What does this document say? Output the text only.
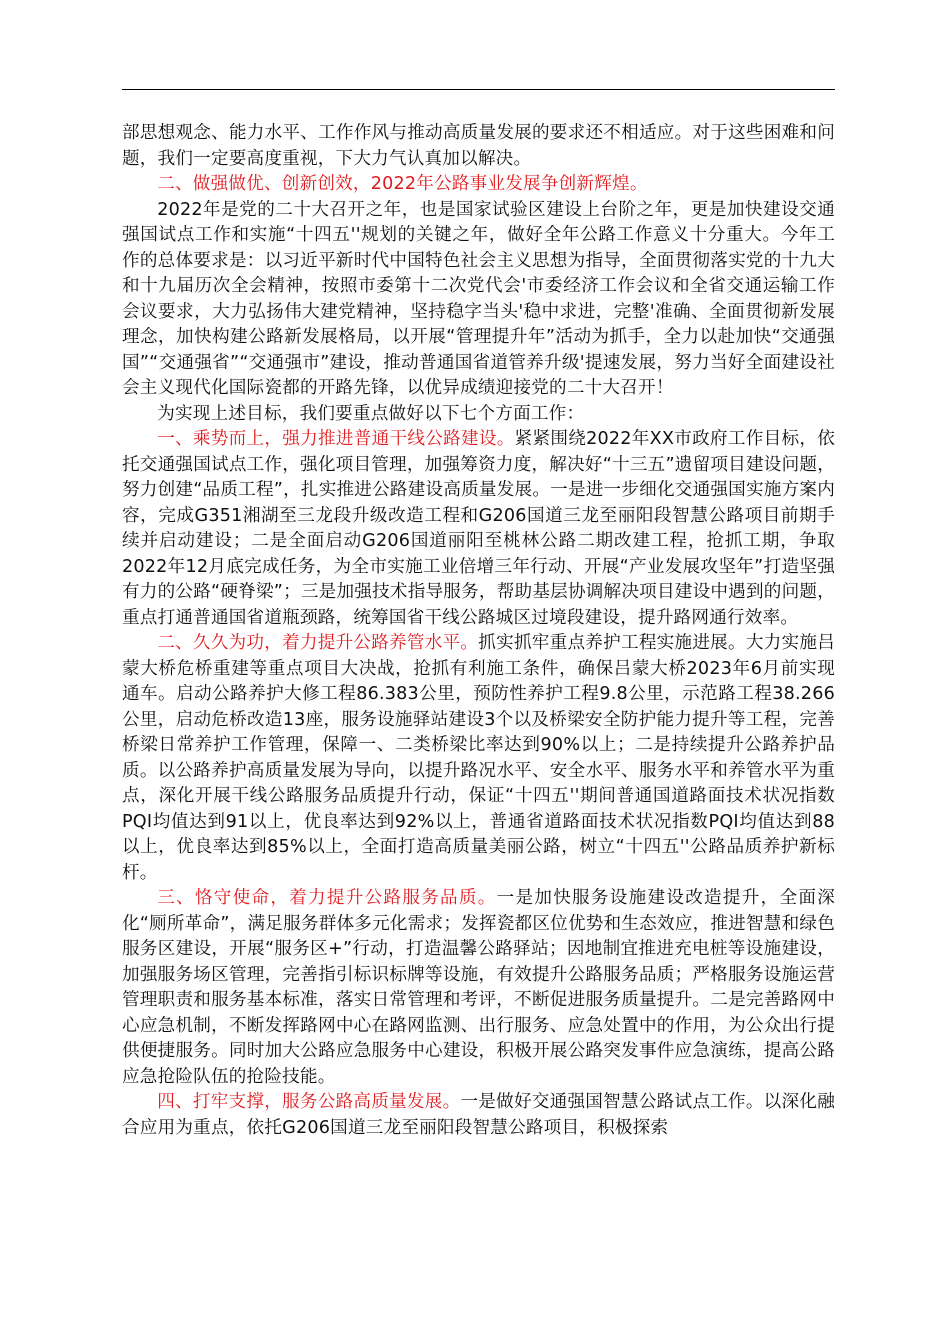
部思想观念、能力水平、工作作风与推动高质量发展的要求还不相适应。对于这些困难和问题，我们一定要高度重视，下大力气认真加以解决。

二、做强做优、创新创效，2022年公路事业发展争创新辉煌。

2022年是党的二十大召开之年，也是国家试验区建设上台阶之年，更是加快建设交通强国试点工作和实施“十四五''规划的关键之年，做好全年公路工作意义十分重大。今年工作的总体要求是：以习近平新时代中国特色社会主义思想为指导，全面贯彻落实党的十九大和十九届历次全会精神，按照市委第十二次党代会'市委经济工作会议和全省交通运输工作会议要求，大力弘扬伟大建党精神，坚持稳字当头'稳中求进，完整'准确、全面贯彻新发展理念，加快构建公路新发展格局，以开展“管理提升年”活动为抓手，全力以赴加快“交通强国”“交通强省”“交通强市”建设，推动普通国省道管养升级'提速发展，努力当好全面建设社会主义现代化国际瓷都的开路先锋，以优异成绩迎接党的二十大召开！

为实现上述目标，我们要重点做好以下七个方面工作：

一、乘势而上，强力推进普通干线公路建设。紧紧围绕2022年XX市政府工作目标，依托交通强国试点工作，强化项目管理，加强筹资力度，解决好“十三五”遗留项目建设问题，努力创建“品质工程”，扎实推进公路建设高质量发展。一是进一步细化交通强国实施方案内容，完成G351湘湖至三龙段升级改造工程和G206国道三龙至丽阳段智慧公路项目前期手续并启动建设；二是全面启动G206国道丽阳至桃林公路二期改建工程，抢抓工期，争取2022年12月底完成任务，为全市实施工业倍增三年行动、开展“产业发展攻坚年”打造坚强有力的公路“硬脊梁”；三是加强技术指导服务，帮助基层协调解决项目建设中遇到的问题，重点打通普通国省道瓶颈路，统筹国省干线公路城区过境段建设，提升路网通行效率。

二、久久为功，着力提升公路养管水平。抓实抓牢重点养护工程实施进展。大力实施吕蒙大桥危桥重建等重点项目大决战，抢抓有利施工条件，确保吕蒙大桥2023年6月前实现通车。启动公路养护大修工程86.383公里，预防性养护工程9.8公里，示范路工程38.266公里，启动危桥改造13座，服务设施驿站建设3个以及桥梁安全防护能力提升等工程，完善桥梁日常养护工作管理，保障一、二类桥梁比率达到90%以上；二是持续提升公路养护品质。以公路养护高质量发展为导向，以提升路况水平、安全水平、服务水平和养管水平为重点，深化开展干线公路服务品质提升行动，保证“十四五''期间普通国道路面技术状况指数PQI均值达到91以上，优良率达到92%以上，普通省道路面技术状况指数PQI均值达到88以上，优良率达到85%以上，全面打造高质量美丽公路，树立“十四五''公路品质养护新标杆。

三、恪守使命，着力提升公路服务品质。一是加快服务设施建设改造提升，全面深化“厕所革命”，满足服务群体多元化需求；发挥瓷都区位优势和生态效应，推进智慧和绿色服务区建设，开展“服务区+”行动，打造温馨公路驿站；因地制宜推进充电桩等设施建设，加强服务场区管理，完善指引标识标牌等设施，有效提升公路服务品质；严格服务设施运营管理职责和服务基本标准，落实日常管理和考评，不断促进服务质量提升。二是完善路网中心应急机制，不断发挥路网中心在路网监测、出行服务、应急处置中的作用，为公众出行提供便捷服务。同时加大公路应急服务中心建设，积极开展公路突发事件应急演练，提高公路应急抢险队伍的抢险技能。

四、打牢支撑，服务公路高质量发展。一是做好交通强国智慧公路试点工作。以深化融合应用为重点，依托G206国道三龙至丽阳段智慧公路项目，积极探索
